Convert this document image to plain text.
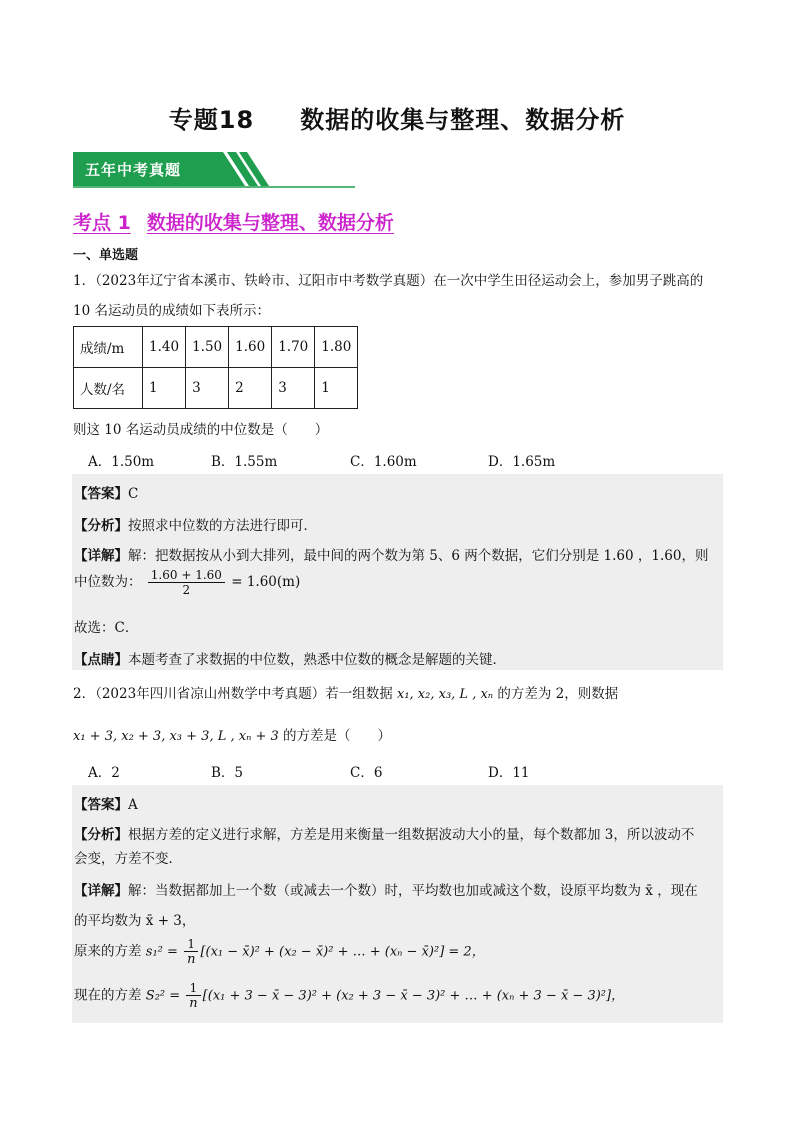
专题18 数据的收集与整理、数据分析
五年中考真题
考点 1 数据的收集与整理、数据分析
一、单选题
1．（2023年辽宁省本溪市、铁岭市、辽阳市中考数学真题）在一次中学生田径运动会上，参加男子跳高的
10 名运动员的成绩如下表所示：
成绩/m	1.40	1.50	1.60	1.70	1.80
人数/名	1	3	2	3	1
则这 10 名运动员成绩的中位数是（　　）
A．1.50m	B．1.55m	C．1.60m	D．1.65m
【答案】C
【分析】按照求中位数的方法进行即可．
【详解】解：把数据按从小到大排列，最中间的两个数为第 5、6 两个数据，它们分别是 1.60 ，1.60，则
中位数为： $\frac{1.60 + 1.60}{2} = 1.60(m)$
故选：C．
【点睛】本题考查了求数据的中位数，熟悉中位数的概念是解题的关键．
2．（2023年四川省凉山州数学中考真题）若一组数据 x₁, x₂, x₃, L , xₙ 的方差为 2，则数据
x₁ + 3, x₂ + 3, x₃ + 3, L , xₙ + 3 的方差是（　　）
A．2	B．5	C．6	D．11
【答案】A
【分析】根据方差的定义进行求解，方差是用来衡量一组数据波动大小的量，每个数都加 3，所以波动不
会变，方差不变．
【详解】解：当数据都加上一个数（或减去一个数）时，平均数也加或减这个数，设原平均数为 x̄ ，现在
的平均数为 x̄ + 3，
原来的方差 $s_1^2 = \frac{1}{n} [(x_1$ − x̄)² + (x₂ − x̄)² + … + (xₙ − x̄)²] = 2，
现在的方差 $S_2^2 = \frac{1}{n} [(x_1 + 3$ − x̄ − 3)² + (x₂ + 3 − x̄ − 3)² + … + (xₙ + 3 − x̄ − 3)²]，
